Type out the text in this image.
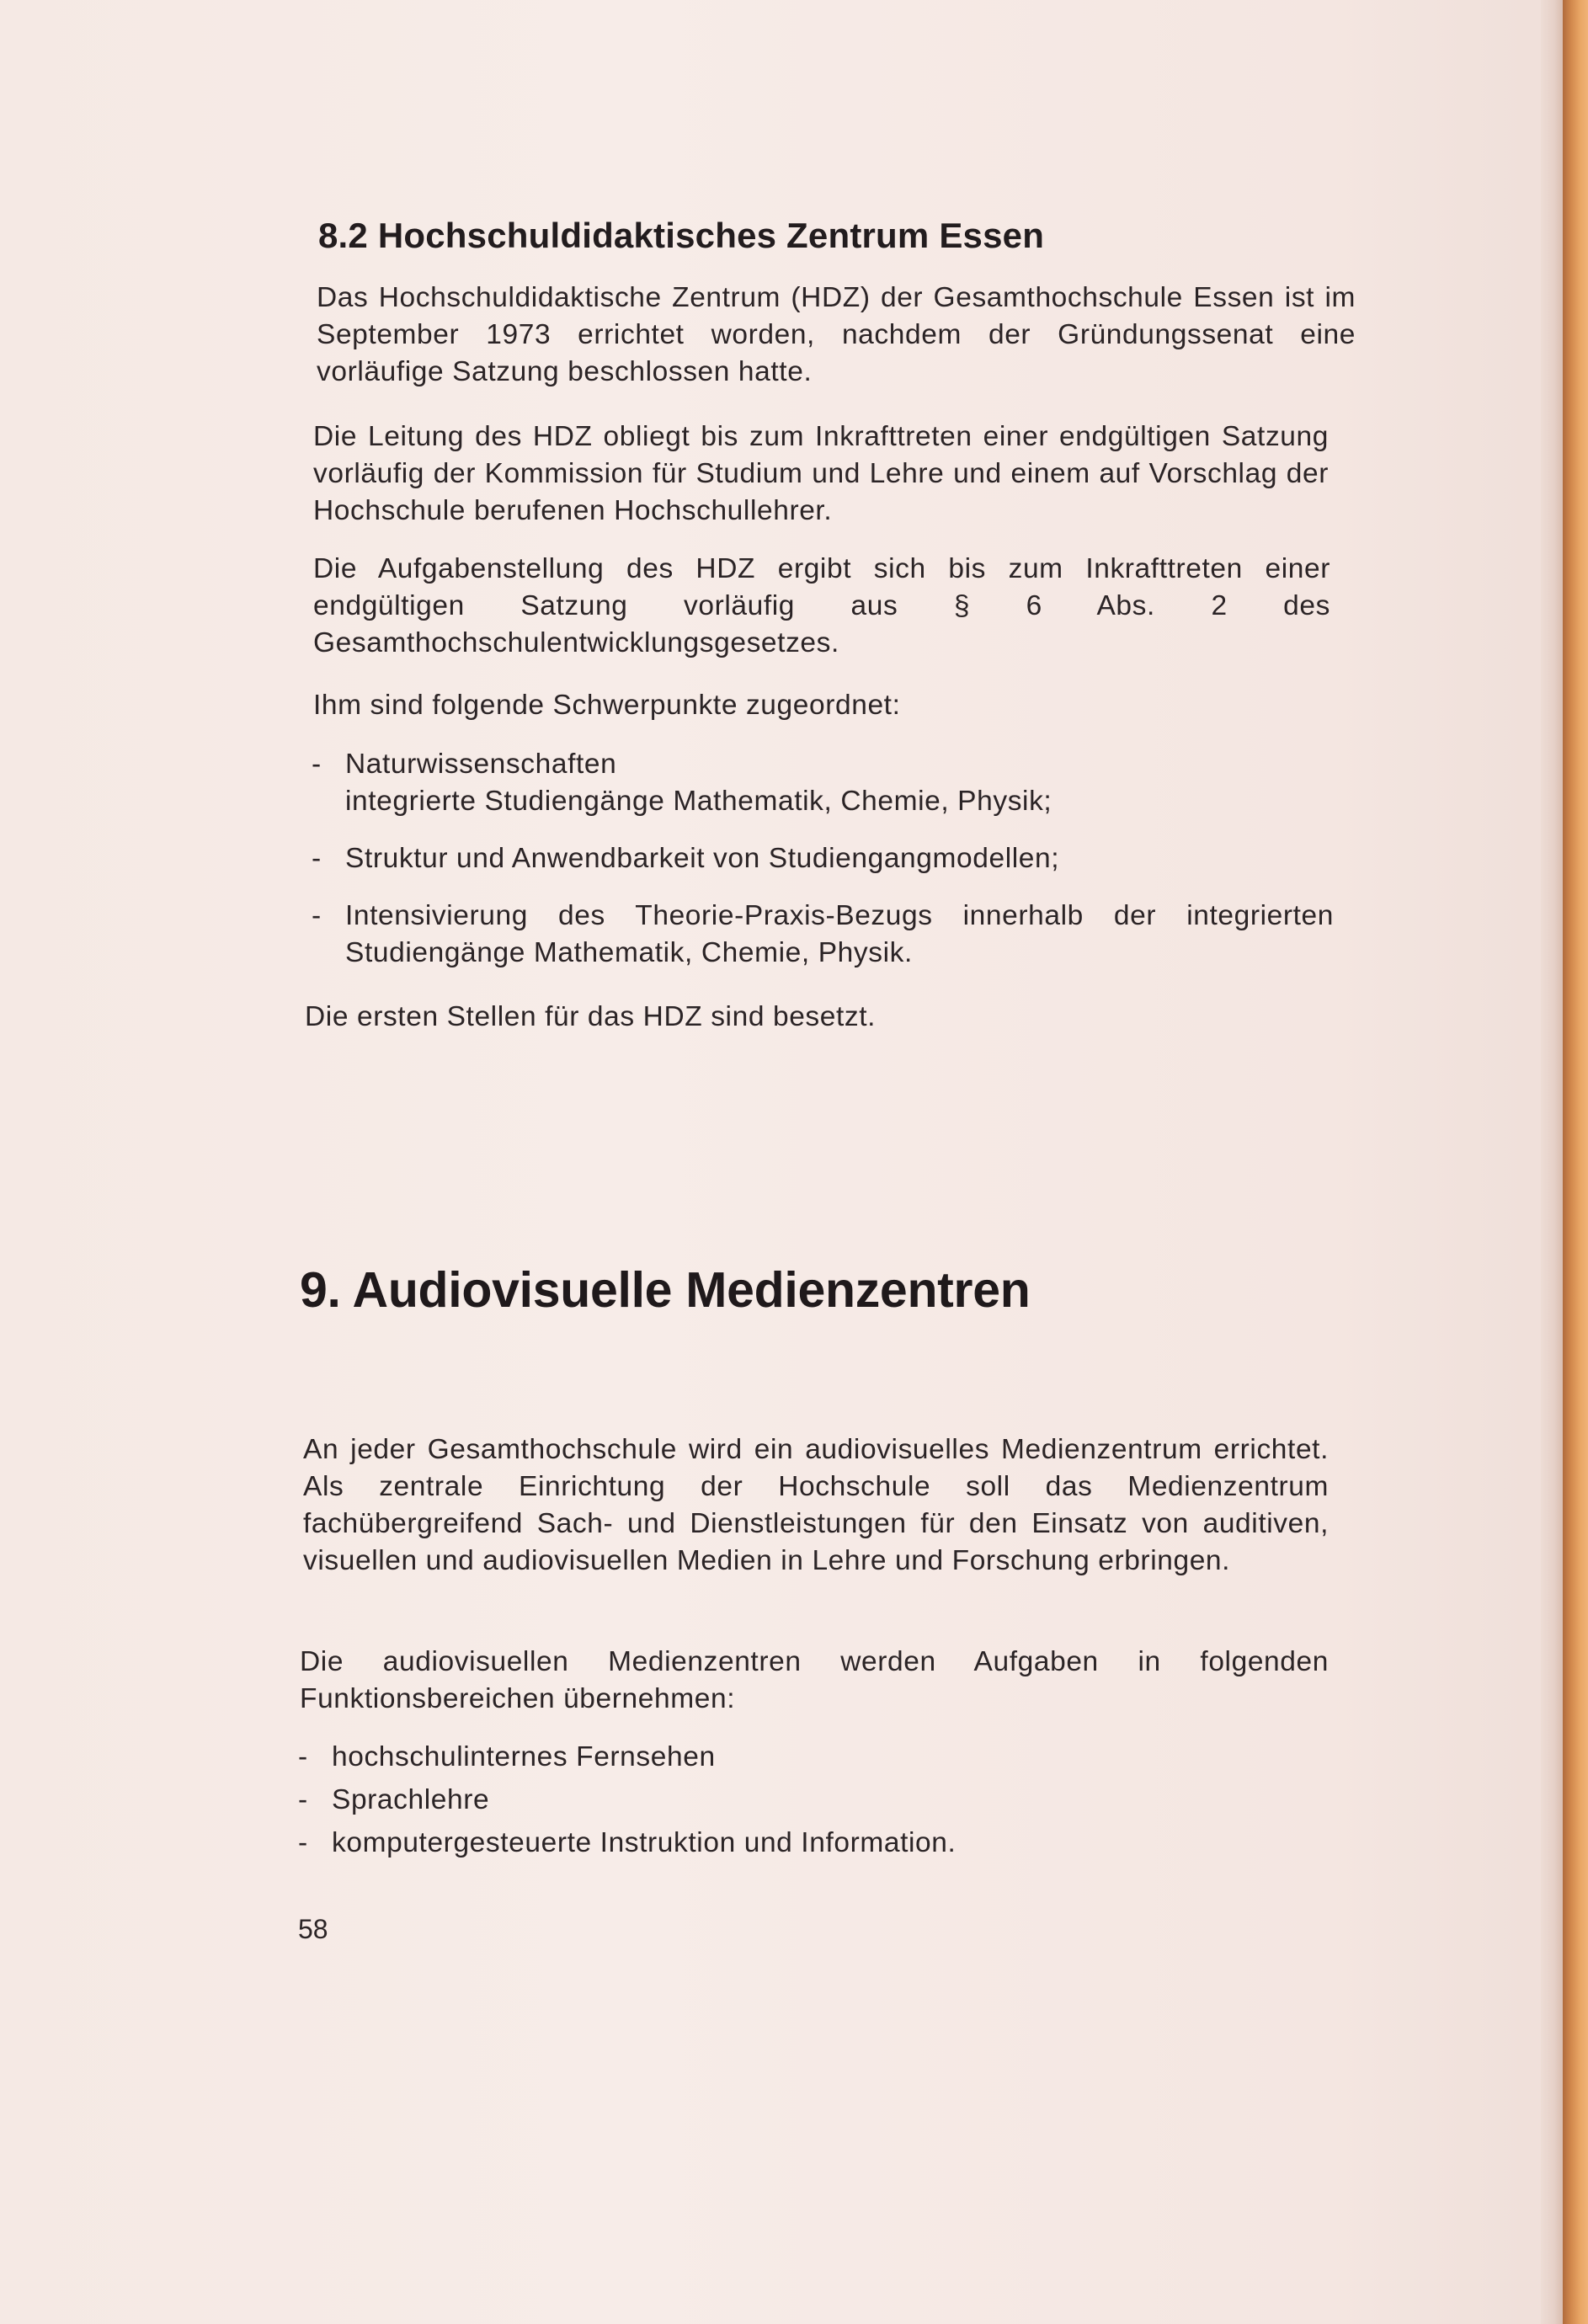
8.2 Hochschuldidaktisches Zentrum Essen

Das Hochschuldidaktische Zentrum (HDZ) der Gesamthochschule Essen ist im September 1973 errichtet worden, nachdem der Gründungssenat eine vorläufige Satzung beschlossen hatte.

Die Leitung des HDZ obliegt bis zum Inkrafttreten einer endgültigen Satzung vorläufig der Kommission für Studium und Lehre und einem auf Vorschlag der Hochschule berufenen Hochschullehrer.

Die Aufgabenstellung des HDZ ergibt sich bis zum Inkrafttreten einer endgültigen Satzung vorläufig aus § 6 Abs. 2 des Gesamthochschulentwicklungsgesetzes.

Ihm sind folgende Schwerpunkte zugeordnet:

- Naturwissenschaften
integrierte Studiengänge Mathematik, Chemie, Physik;
- Struktur und Anwendbarkeit von Studiengangmodellen;
- Intensivierung des Theorie-Praxis-Bezugs innerhalb der integrierten Studiengänge Mathematik, Chemie, Physik.

Die ersten Stellen für das HDZ sind besetzt.

9. Audiovisuelle Medienzentren

An jeder Gesamthochschule wird ein audiovisuelles Medienzentrum errichtet. Als zentrale Einrichtung der Hochschule soll das Medienzentrum fachübergreifend Sach- und Dienstleistungen für den Einsatz von auditiven, visuellen und audiovisuellen Medien in Lehre und Forschung erbringen.

Die audiovisuellen Medienzentren werden Aufgaben in folgenden Funktionsbereichen übernehmen:

- hochschulinternes Fernsehen
- Sprachlehre
- komputergesteuerte Instruktion und Information.
58
